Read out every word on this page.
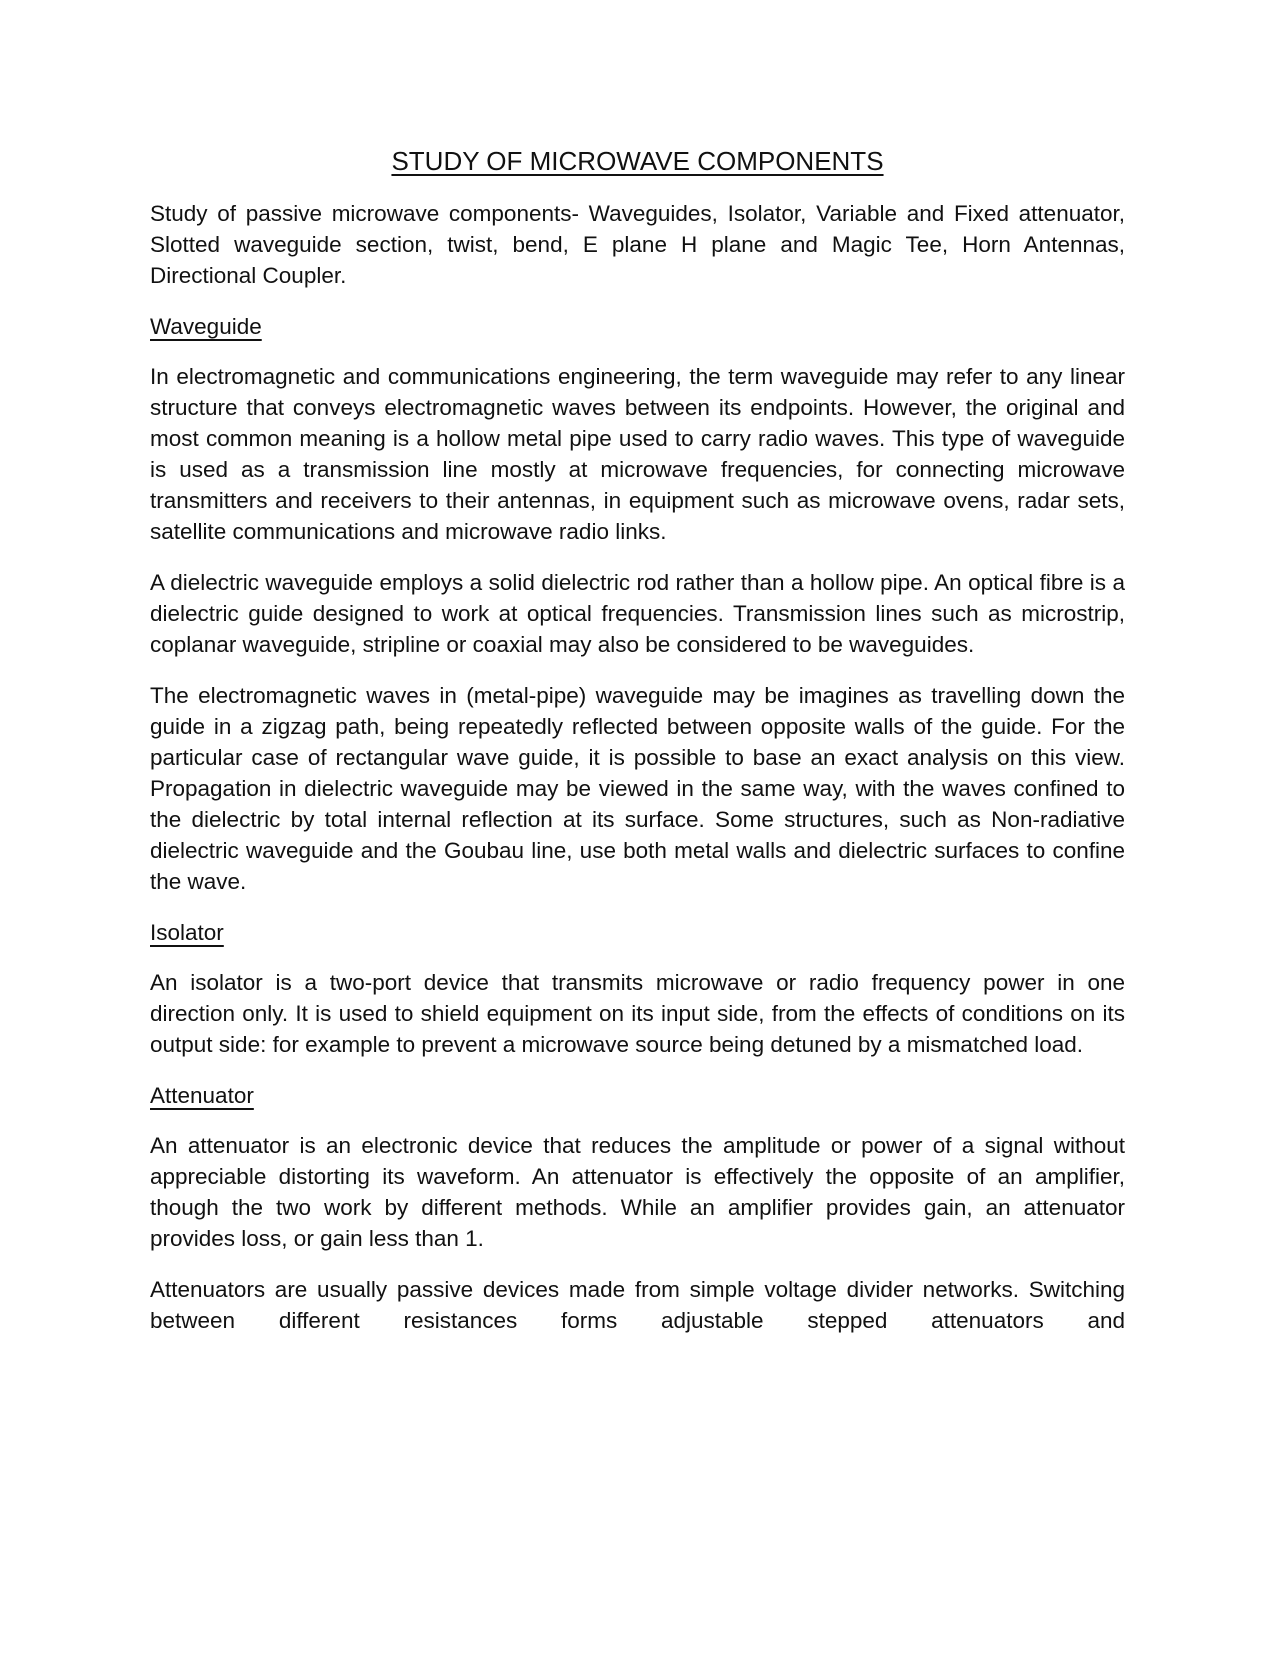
STUDY OF MICROWAVE COMPONENTS

Study of passive microwave components- Waveguides, Isolator, Variable and Fixed attenuator, Slotted waveguide section, twist, bend, E plane H plane and Magic Tee, Horn Antennas, Directional Coupler.

Waveguide

In electromagnetic and communications engineering, the term waveguide may refer to any linear structure that conveys electromagnetic waves between its endpoints. However, the original and most common meaning is a hollow metal pipe used to carry radio waves. This type of waveguide is used as a transmission line mostly at microwave frequencies, for connecting microwave transmitters and receivers to their antennas, in equipment such as microwave ovens, radar sets, satellite communications and microwave radio links.

A dielectric waveguide employs a solid dielectric rod rather than a hollow pipe. An optical fibre is a dielectric guide designed to work at optical frequencies. Transmission lines such as microstrip, coplanar waveguide, stripline or coaxial may also be considered to be waveguides.

The electromagnetic waves in (metal-pipe) waveguide may be imagines as travelling down the guide in a zigzag path, being repeatedly reflected between opposite walls of the guide. For the particular case of rectangular wave guide, it is possible to base an exact analysis on this view. Propagation in dielectric waveguide may be viewed in the same way, with the waves confined to the dielectric by total internal reflection at its surface. Some structures, such as Non-radiative dielectric waveguide and the Goubau line, use both metal walls and dielectric surfaces to confine the wave.

Isolator

An isolator is a two-port device that transmits microwave or radio frequency power in one direction only. It is used to shield equipment on its input side, from the effects of conditions on its output side: for example to prevent a microwave source being detuned by a mismatched load.

Attenuator

An attenuator is an electronic device that reduces the amplitude or power of a signal without appreciable distorting its waveform. An attenuator is effectively the opposite of an amplifier, though the two work by different methods. While an amplifier provides gain, an attenuator provides loss, or gain less than 1.

Attenuators are usually passive devices made from simple voltage divider networks. Switching between different resistances forms adjustable stepped attenuators and
